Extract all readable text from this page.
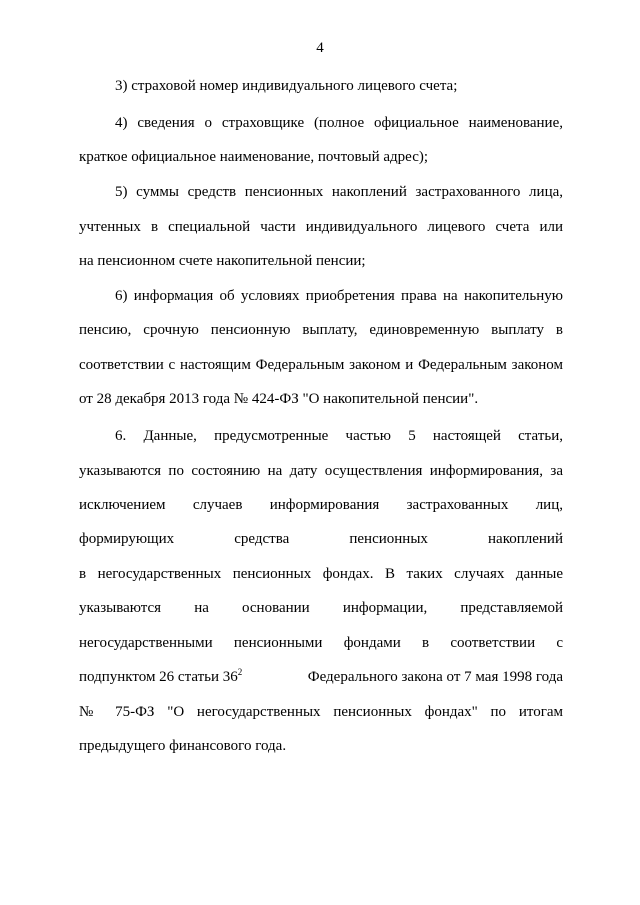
4
3) страховой номер индивидуального лицевого счета;
4) сведения о страховщике (полное официальное наименование,
краткое официальное наименование, почтовый адрес);
5) суммы средств пенсионных накоплений застрахованного лица,
учтенных в специальной части индивидуального лицевого счета или
на пенсионном счете накопительной пенсии;
6) информация об условиях приобретения права на накопительную
пенсию, срочную пенсионную выплату, единовременную выплату в
соответствии с настоящим Федеральным законом и Федеральным законом
от 28 декабря 2013 года № 424-ФЗ "О накопительной пенсии".
6. Данные, предусмотренные частью 5 настоящей статьи,
указываются по состоянию на дату осуществления информирования, за
исключением случаев информирования застрахованных лиц,
формирующих средства пенсионных накоплений
в негосударственных пенсионных фондах. В таких случаях данные
указываются на основании информации, представляемой
негосударственными пенсионными фондами в соответствии с
подпунктом 26 статьи $36^2$	Федерального закона от 7 мая 1998 года
№ 75-ФЗ "О негосударственных пенсионных фондах" по итогам
предыдущего финансового года.
